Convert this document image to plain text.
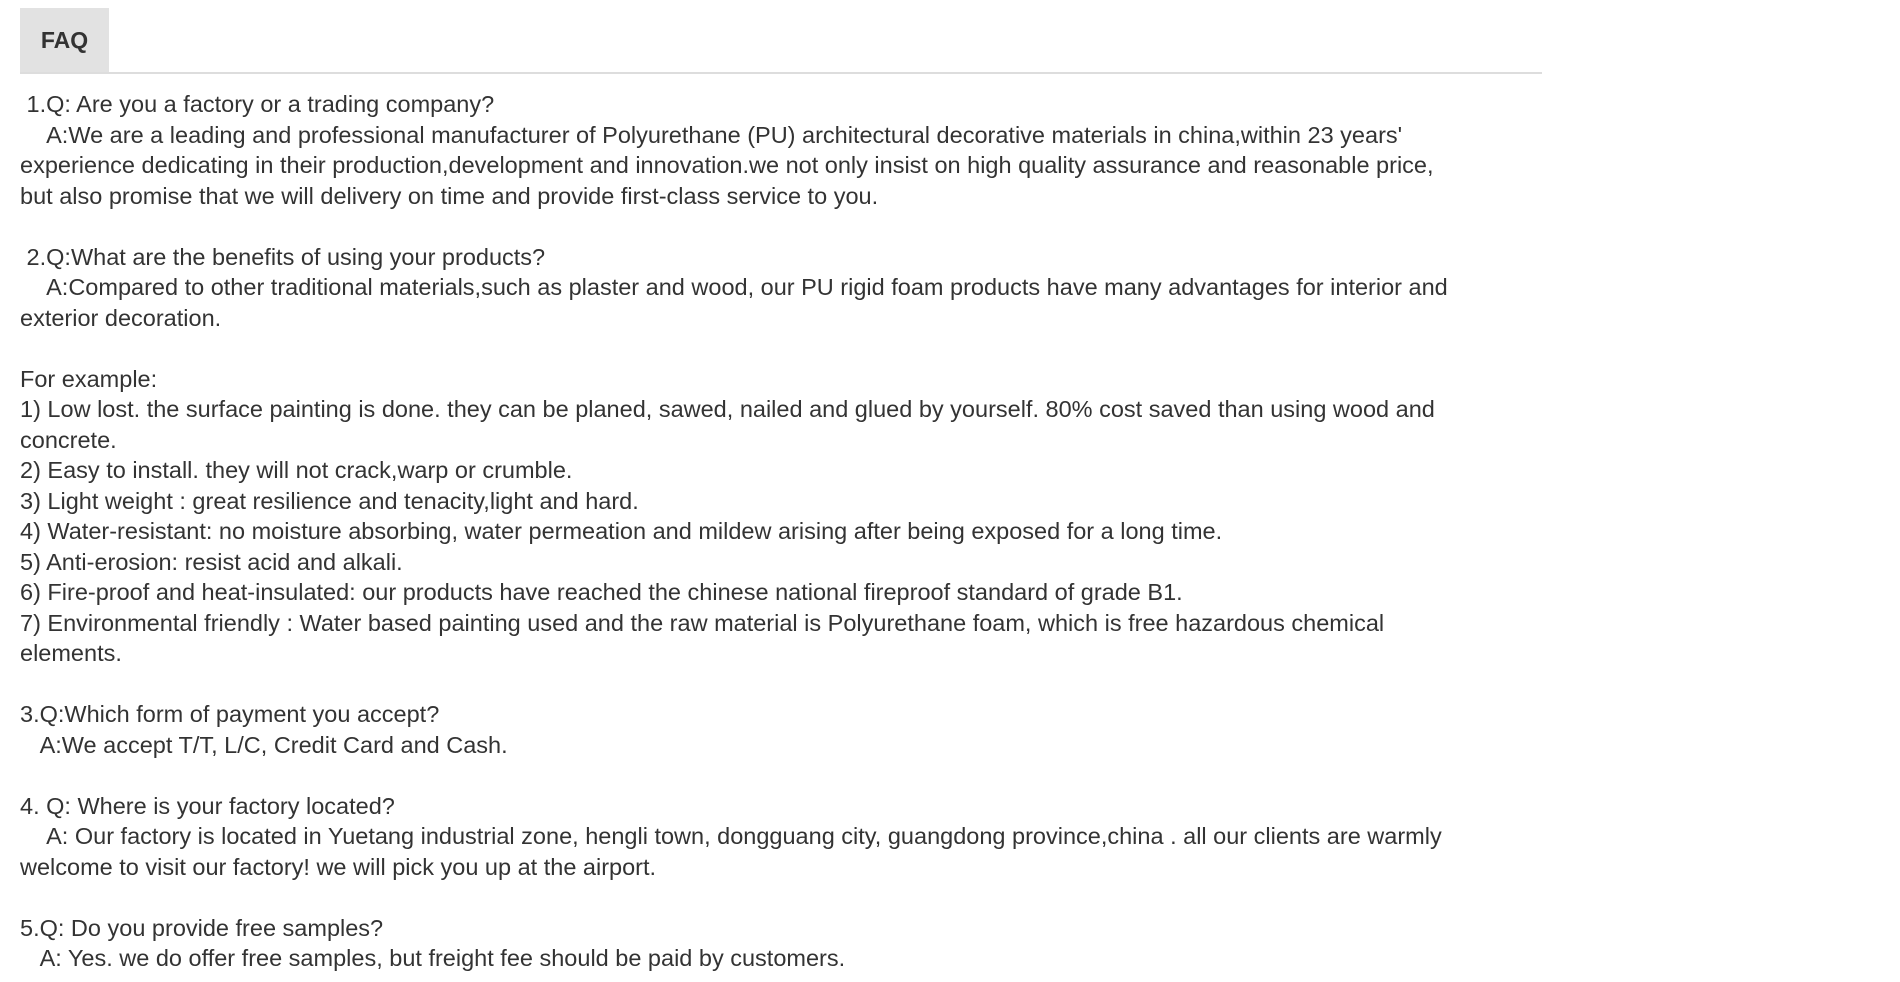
FAQ
1.Q: Are you a factory or a trading company?
A:We are a leading and professional manufacturer of Polyurethane (PU) architectural decorative materials in china,within 23 years'
experience dedicating in their production,development and innovation.we not only insist on high quality assurance and reasonable price,
but also promise that we will delivery on time and provide first-class service to you.
2.Q:What are the benefits of using your products?
A:Compared to other traditional materials,such as plaster and wood, our PU rigid foam products have many advantages for interior and
exterior decoration.
For example:
1) Low lost. the surface painting is done. they can be planed, sawed, nailed and glued by yourself. 80% cost saved than using wood and
concrete.
2) Easy to install. they will not crack,warp or crumble.
3) Light weight : great resilience and tenacity,light and hard.
4) Water-resistant: no moisture absorbing, water permeation and mildew arising after being exposed for a long time.
5) Anti-erosion: resist acid and alkali.
6) Fire-proof and heat-insulated: our products have reached the chinese national fireproof standard of grade B1.
7) Environmental friendly : Water based painting used and the raw material is Polyurethane foam, which is free hazardous chemical
elements.
3.Q:Which form of payment you accept?
A:We accept T/T, L/C, Credit Card and Cash.
4. Q: Where is your factory located?
A: Our factory is located in Yuetang industrial zone, hengli town, dongguang city, guangdong province,china . all our clients are warmly
welcome to visit our factory! we will pick you up at the airport.
5.Q: Do you provide free samples?
A: Yes. we do offer free samples, but freight fee should be paid by customers.
